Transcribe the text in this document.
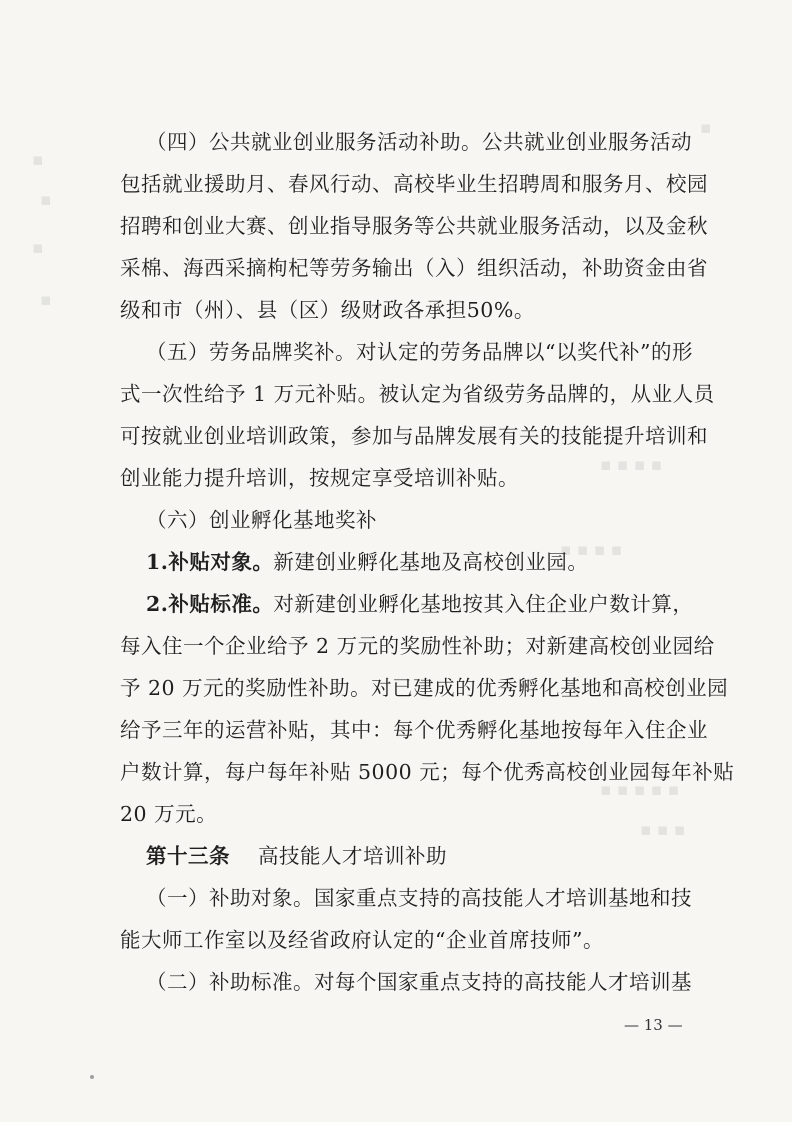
▪
▪
▪
▪
▪
▪ ▪ ▪ ▪
▪ ▪ ▪ ▪
▪ ▪ ▪ ▪ ▪
▪ ▪ ▪
（四）公共就业创业服务活动补助。公共就业创业服务活动
包括就业援助月、春风行动、高校毕业生招聘周和服务月、校园
招聘和创业大赛、创业指导服务等公共就业服务活动，以及金秋
采棉、海西采摘枸杞等劳务输出（入）组织活动，补助资金由省
级和市（州）、县（区）级财政各承担50%。
（五）劳务品牌奖补。对认定的劳务品牌以“以奖代补”的形
式一次性给予 1 万元补贴。被认定为省级劳务品牌的，从业人员
可按就业创业培训政策，参加与品牌发展有关的技能提升培训和
创业能力提升培训，按规定享受培训补贴。
（六）创业孵化基地奖补
1.补贴对象。新建创业孵化基地及高校创业园。
2.补贴标准。对新建创业孵化基地按其入住企业户数计算，
每入住一个企业给予 2 万元的奖励性补助；对新建高校创业园给
予 20 万元的奖励性补助。对已建成的优秀孵化基地和高校创业园
给予三年的运营补贴，其中：每个优秀孵化基地按每年入住企业
户数计算，每户每年补贴 5000 元；每个优秀高校创业园每年补贴
20 万元。
第十三条 高技能人才培训补助
（一）补助对象。国家重点支持的高技能人才培训基地和技
能大师工作室以及经省政府认定的“企业首席技师”。
（二）补助标准。对每个国家重点支持的高技能人才培训基
— 13 —
